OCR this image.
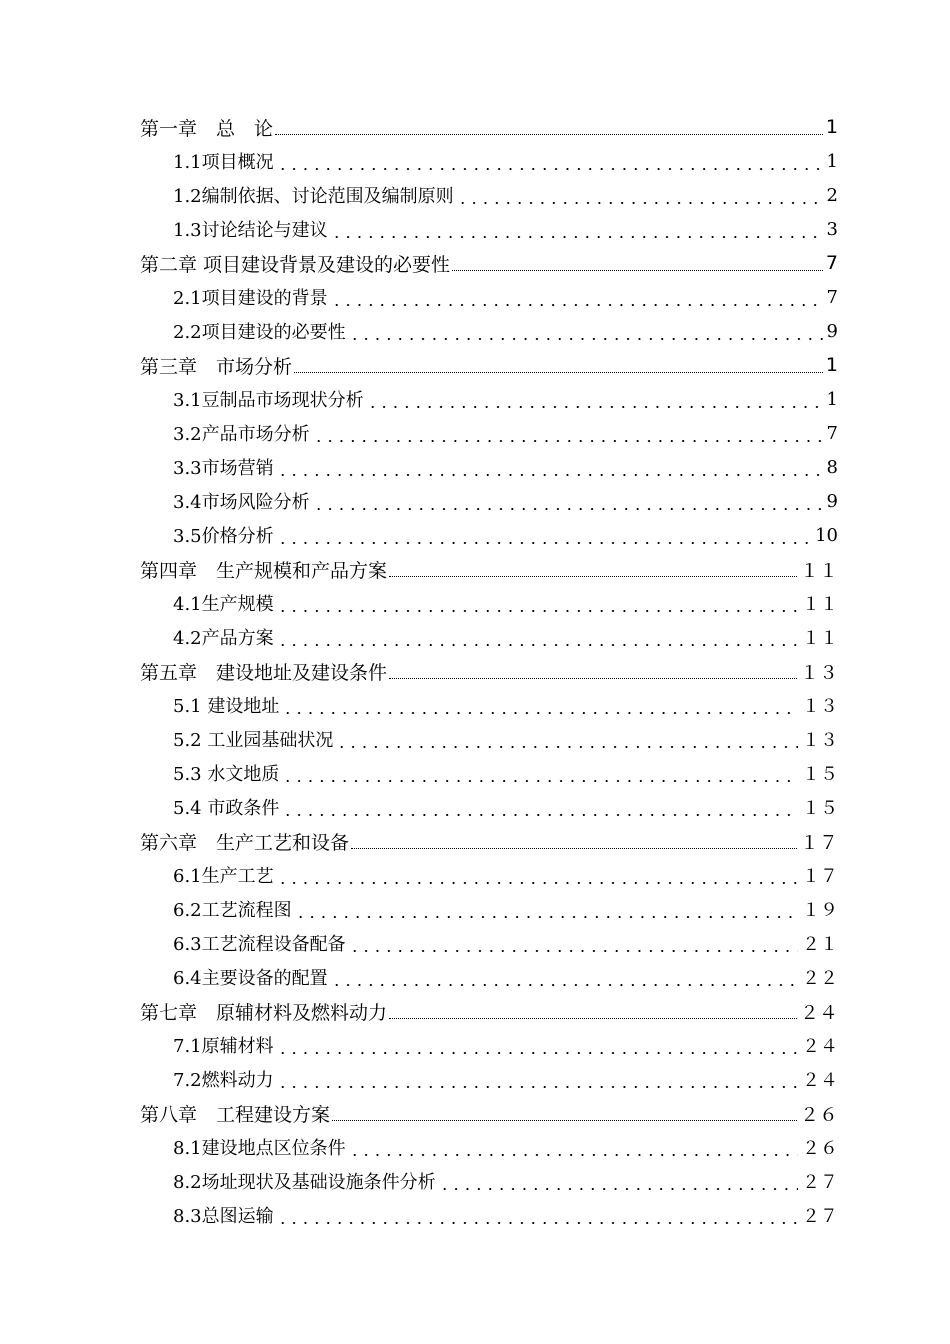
第一章　总　论	1
1.1项目概况	1
1.2编制依据、讨论范围及编制原则	2
1.3讨论结论与建议	3
第二章 项目建设背景及建设的必要性	7
2.1项目建设的背景	7
2.2项目建设的必要性	9
第三章　市场分析	1
3.1豆制品市场现状分析	1
3.2产品市场分析	7
3.3市场营销	8
3.4市场风险分析	9
3.5价格分析	10
第四章　生产规模和产品方案	１１
4.1生产规模	１１
4.2产品方案	１１
第五章　建设地址及建设条件	１３
5.1 建设地址	１３
5.2 工业园基础状况	１３
5.3 水文地质	１５
5.4 市政条件	１５
第六章　生产工艺和设备	１７
6.1生产工艺	１７
6.2工艺流程图	１９
6.3工艺流程设备配备	２１
6.4主要设备的配置	２２
第七章　原辅材料及燃料动力	２４
7.1原辅材料	２４
7.2燃料动力	２４
第八章　工程建设方案	２６
8.1建设地点区位条件	２６
8.2场址现状及基础设施条件分析	２７
8.3总图运输	２７
